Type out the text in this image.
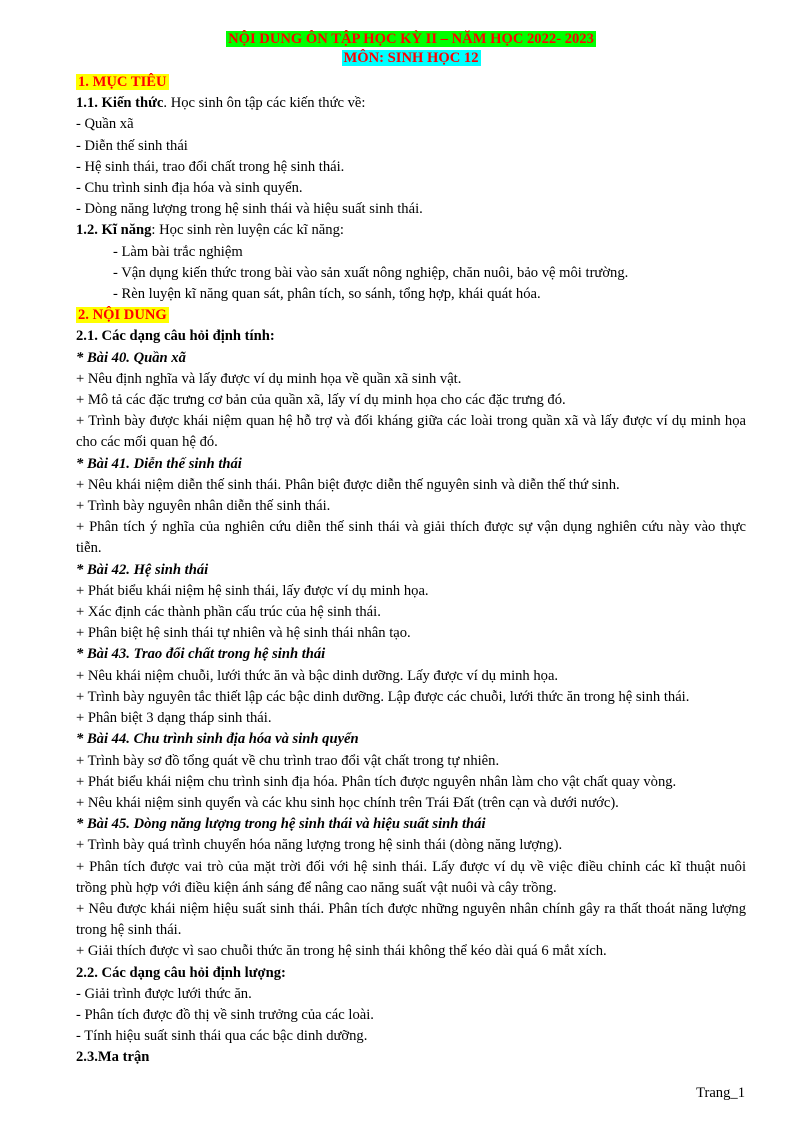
NỘI DUNG ÔN TẬP HỌC KỲ II – NĂM HỌC 2022- 2023
MÔN: SINH HỌC 12

1. MỤC TIÊU

1.1. Kiến thức. Học sinh ôn tập các kiến thức về:

- Quần xã

- Diễn thế sinh thái

- Hệ sinh thái, trao đổi chất trong hệ sinh thái.

- Chu trình sinh địa hóa và sinh quyển.

- Dòng năng lượng trong hệ sinh thái và hiệu suất sinh thái.

1.2. Kĩ năng: Học sinh rèn luyện các kĩ năng:

- Làm bài trắc nghiệm

- Vận dụng kiến thức trong bài vào sản xuất nông nghiệp, chăn nuôi, bảo vệ môi trường.

- Rèn luyện kĩ năng quan sát, phân tích, so sánh, tổng hợp, khái quát hóa.

2. NỘI DUNG

2.1. Các dạng câu hỏi định tính:

* Bài 40. Quần xã

+ Nêu định nghĩa và lấy được ví dụ minh họa về quần xã sinh vật.

+ Mô tả các đặc trưng cơ bản của quần xã, lấy ví dụ minh họa cho các đặc trưng đó.

+ Trình bày được khái niệm quan hệ hỗ trợ và đối kháng giữa các loài trong quần xã và lấy được ví dụ minh họa cho các mối quan hệ đó.

* Bài 41. Diễn thế sinh thái

+ Nêu khái niệm diễn thế sinh thái. Phân biệt được diễn thế nguyên sinh và diễn thế thứ sinh.

+ Trình bày nguyên nhân diễn thế sinh thái.

+ Phân tích ý nghĩa của nghiên cứu diễn thế sinh thái và giải thích được sự vận dụng nghiên cứu này vào thực tiễn.

* Bài 42. Hệ sinh thái

+ Phát biểu khái niệm hệ sinh thái, lấy được ví dụ minh họa.

+ Xác định các thành phần cấu trúc của hệ sinh thái.

+ Phân biệt hệ sinh thái tự nhiên và hệ sinh thái nhân tạo.

* Bài 43. Trao đổi chất trong hệ sinh thái

+ Nêu khái niệm chuỗi, lưới thức ăn và bậc dinh dưỡng. Lấy được ví dụ minh họa.

+ Trình bày nguyên tắc thiết lập các bậc dinh dưỡng. Lập được các chuỗi, lưới thức ăn trong hệ sinh thái.

+ Phân biệt 3 dạng tháp sinh thái.

* Bài 44. Chu trình sinh địa hóa và sinh quyển

+ Trình bày sơ đồ tổng quát về chu trình trao đổi vật chất trong tự nhiên.

+ Phát biểu khái niệm chu trình sinh địa hóa. Phân tích được nguyên nhân làm cho vật chất quay vòng.

+ Nêu khái niệm sinh quyển và các khu sinh học chính trên Trái Đất (trên cạn và dưới nước).

* Bài 45. Dòng năng lượng trong hệ sinh thái và hiệu suất sinh thái

+ Trình bày quá trình chuyển hóa năng lượng trong hệ sinh thái (dòng năng lượng).

+ Phân tích được vai trò của mặt trời đối với hệ sinh thái. Lấy được ví dụ về việc điều chỉnh các kĩ thuật nuôi trồng phù hợp với điều kiện ánh sáng để nâng cao năng suất vật nuôi và cây trồng.

+ Nêu được khái niệm hiệu suất sinh thái. Phân tích được những nguyên nhân chính gây ra thất thoát năng lượng trong hệ sinh thái.

+ Giải thích được vì sao chuỗi thức ăn trong hệ sinh thái không thể kéo dài quá 6 mắt xích.

2.2. Các dạng câu hỏi định lượng:

- Giải trình được lưới thức ăn.

- Phân tích được đồ thị về sinh trưởng của các loài.

- Tính hiệu suất sinh thái qua các bậc dinh dưỡng.

2.3.Ma trận

Trang_1
